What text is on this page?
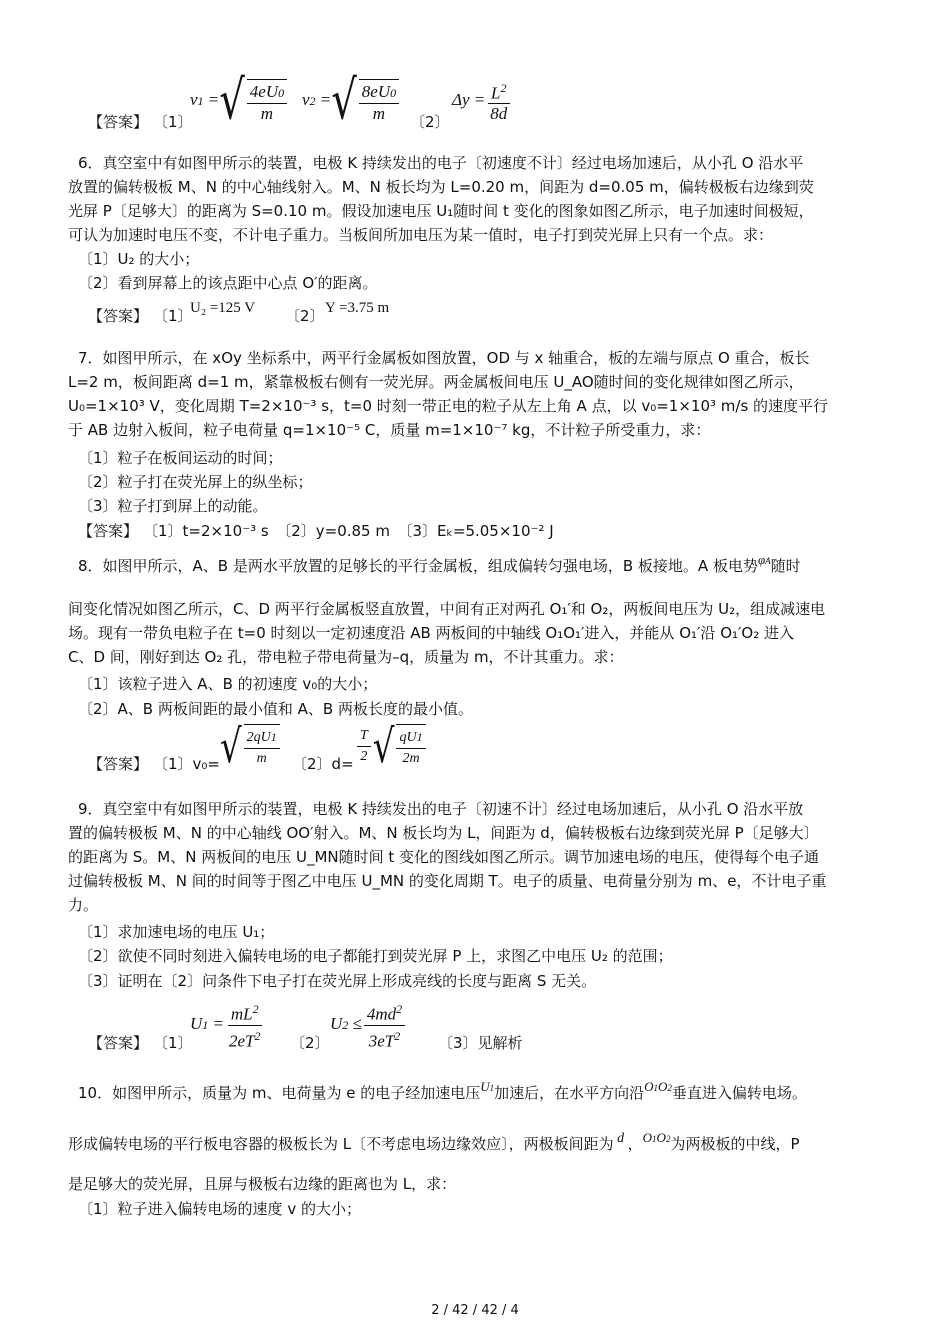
【答案】 〔1〕
v1 = √ $\frac{4eU0}{m} v2$ = √ $\frac{8eU0}{m}$ 〔2〕
$\Delta y = \frac{L^2}{8d}$
6．真空室中有如图甲所示的装置，电极 K 持续发出的电子〔初速度不计〕经过电场加速后，从小孔 O 沿水平
放置的偏转极板 M、N 的中心轴线射入。M、N 板长均为 L=0.20 m，间距为 d=0.05 m，偏转极板右边缘到荧
光屏 P〔足够大〕的距离为 S=0.10 m。假设加速电压 U₁随时间 t 变化的图象如图乙所示，电子加速时间极短，
可认为加速时电压不变，不计电子重力。当板间所加电压为某一值时，电子打到荧光屏上只有一个点。求：
〔1〕U₂ 的大小；
〔2〕看到屏幕上的该点距中心点 O′的距离。
【答案】 〔1〕
U₂ =125 V 〔2〕 Y =3.75 m
7．如图甲所示，在 xOy 坐标系中，两平行金属板如图放置，OD 与 x 轴重合，板的左端与原点 O 重合，板长
L=2 m，板间距离 d=1 m，紧靠极板右侧有一荧光屏。两金属板间电压 U_AO随时间的变化规律如图乙所示，
U₀=1×10³ V，变化周期 T=2×10⁻³ s，t=0 时刻一带正电的粒子从左上角 A 点，以 v₀=1×10³ m/s 的速度平行
于 AB 边射入板间，粒子电荷量 q=1×10⁻⁵ C，质量 m=1×10⁻⁷ kg，不计粒子所受重力，求：
〔1〕粒子在板间运动的时间；
〔2〕粒子打在荧光屏上的纵坐标；
〔3〕粒子打到屏上的动能。
【答案】 〔1〕t=2×10⁻³ s　〔2〕y=0.85 m　〔3〕Eₖ=5.05×10⁻² J
8．如图甲所示，A、B 是两水平放置的足够长的平行金属板，组成偏转匀强电场，B 板接地。A 板电势φA随时
间变化情况如图乙所示，C、D 两平行金属板竖直放置，中间有正对两孔 O₁′和 O₂，两板间电压为 U₂，组成减速电
场。现有一带负电粒子在 t=0 时刻以一定初速度沿 AB 两板间的中轴线 O₁O₁′进入，并能从 O₁′沿 O₁′O₂ 进入
C、D 间，刚好到达 O₂ 孔，带电粒子带电荷量为–q，质量为 m，不计其重力。求：
〔1〕该粒子进入 A、B 的初速度 v₀的大小；
〔2〕A、B 两板间距的最小值和 A、B 两板长度的最小值。
【答案】 〔1〕v₀= √ $\frac{2qU1}{m}$ 〔2〕$d= \frac{T}{2}$ √ $\frac{qU1}{2m}$
9．真空室中有如图甲所示的装置，电极 K 持续发出的电子〔初速不计〕经过电场加速后，从小孔 O 沿水平放
置的偏转极板 M、N 的中心轴线 OO′射入。M、N 板长均为 L，间距为 d，偏转极板右边缘到荧光屏 P〔足够大〕
的距离为 S。M、N 两板间的电压 U_MN随时间 t 变化的图线如图乙所示。调节加速电场的电压，使得每个电子通
过偏转极板 M、N 间的时间等于图乙中电压 U_MN 的变化周期 T。电子的质量、电荷量分别为 m、e，不计电子重
力。
〔1〕求加速电场的电压 U₁；
〔2〕欲使不同时刻进入偏转电场的电子都能打到荧光屏 P 上，求图乙中电压 U₂ 的范围；
〔3〕证明在〔2〕问条件下电子打在荧光屏上形成亮线的长度与距离 S 无关。
【答案】 〔1〕
$U1 = \frac{mL^2}{2eT^2}$ 〔2〕
$U2 \le \frac{4md^2}{3eT^2}$ 〔3〕见解析
10．如图甲所示，质量为 m、电荷量为 e 的电子经加速电压U1加速后，在水平方向沿O1O2垂直进入偏转电场。
形成偏转电场的平行板电容器的极板长为 L〔不考虑电场边缘效应〕，两极板间距为 d ，O1O2为两极板的中线，P
是足够大的荧光屏，且屏与极板右边缘的距离也为 L，求：
〔1〕粒子进入偏转电场的速度 v 的大小；
2 / 42 / 42 / 4
